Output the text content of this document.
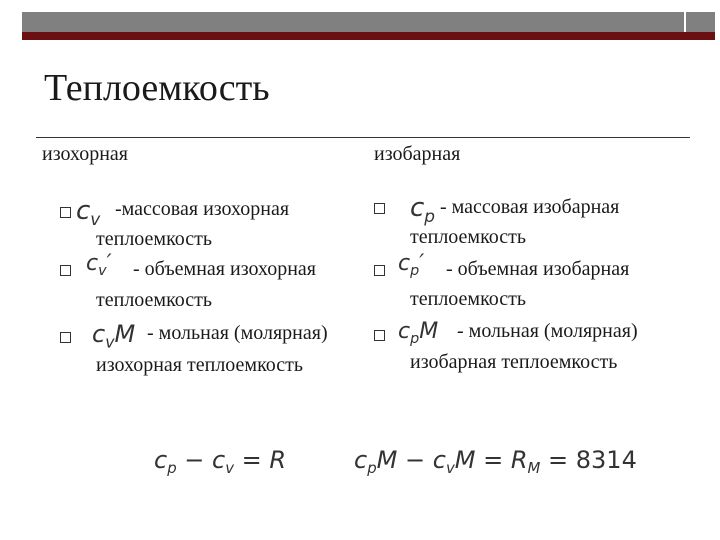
Теплоемкость
изохорная	изобарная
$c_v$ -массовая изохорная
теплоемкость
$c_v'$ - объемная изохорная
теплоемкость
$c_vM$ - мольная (молярная)
изохорная теплоемкость
$c_p$ - массовая изобарная
теплоемкость
$c_p'$ - объемная изобарная
теплоемкость
$c_pM$ - мольная (молярная)
изобарная теплоемкость
$c_p - c_v = R$	$c_pM - c_vM = R_M = 8314$
